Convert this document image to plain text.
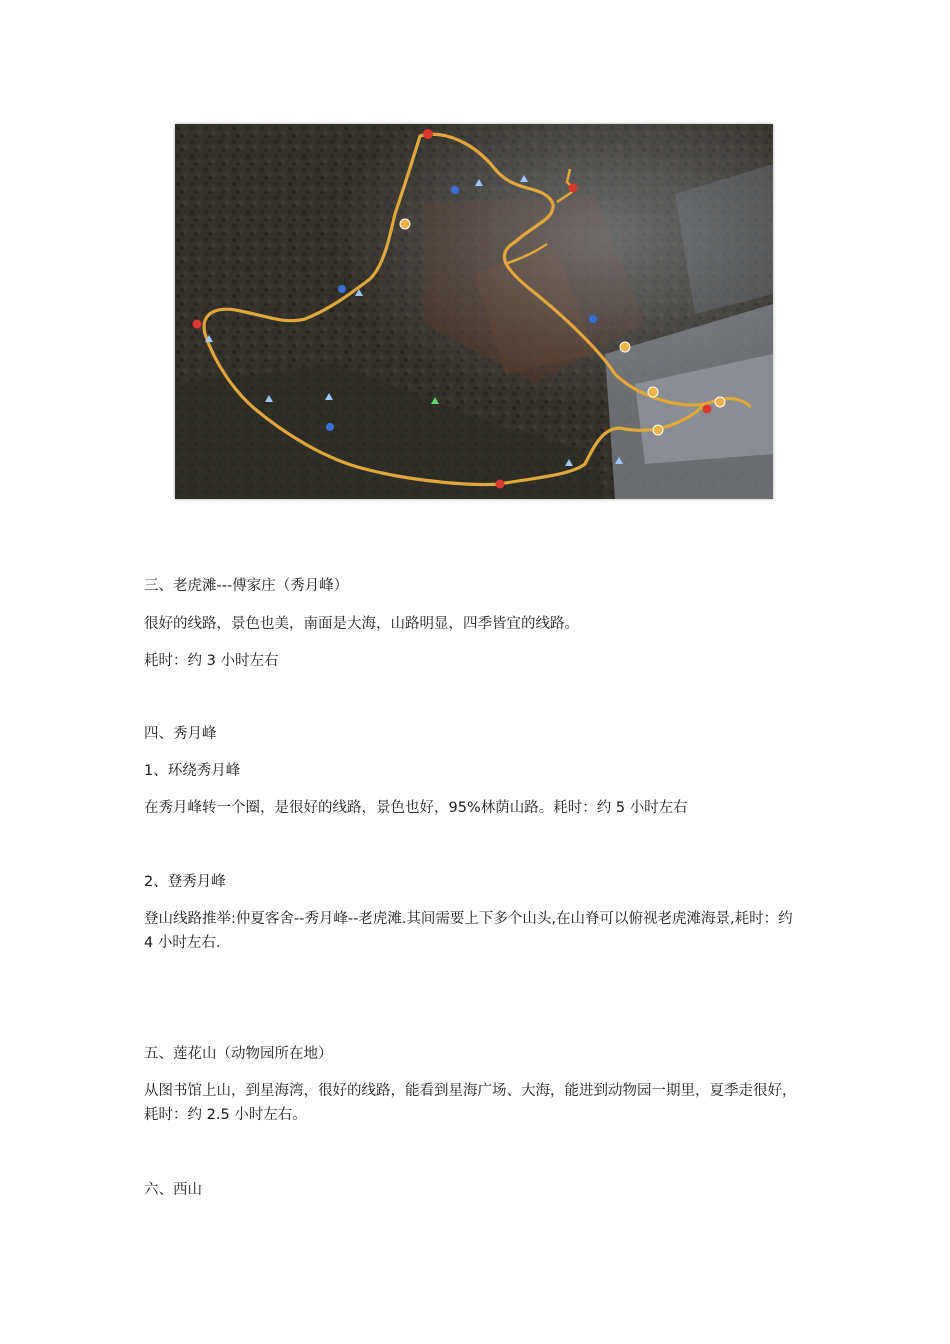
三、老虎滩---傅家庄（秀月峰）
很好的线路，景色也美，南面是大海，山路明显，四季皆宜的线路。
耗时：约 3 小时左右
四、秀月峰
1、环绕秀月峰
在秀月峰转一个圈，是很好的线路，景色也好，95%林荫山路。耗时：约 5 小时左右
2、登秀月峰
登山线路推举:仲夏客舍--秀月峰--老虎滩.其间需要上下多个山头,在山脊可以俯视老虎滩海景,耗时：约 4 小时左右.
五、莲花山（动物园所在地）
从图书馆上山，到星海湾，很好的线路，能看到星海广场、大海，能进到动物园一期里，夏季走很好，耗时：约 2.5 小时左右。
六、西山
